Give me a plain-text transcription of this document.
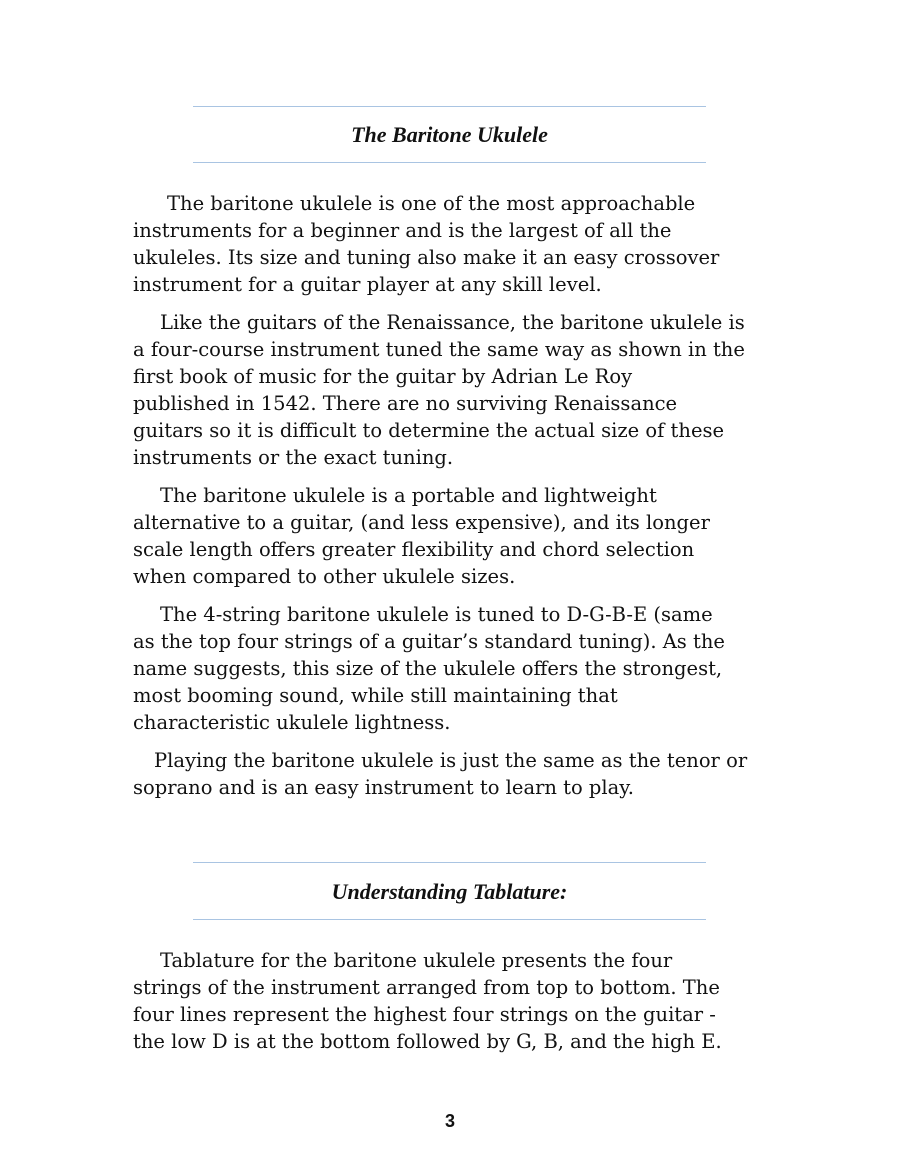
The Baritone Ukulele

The baritone ukulele is one of the most approachable
instruments for a beginner and is the largest of all the
ukuleles. Its size and tuning also make it an easy crossover
instrument for a guitar player at any skill level.

Like the guitars of the Renaissance, the baritone ukulele is
a four-course instrument tuned the same way as shown in the
first book of music for the guitar by Adrian Le Roy
published in 1542. There are no surviving Renaissance
guitars so it is difficult to determine the actual size of these
instruments or the exact tuning.

The baritone ukulele is a portable and lightweight
alternative to a guitar, (and less expensive), and its longer
scale length offers greater flexibility and chord selection
when compared to other ukulele sizes.

The 4-string baritone ukulele is tuned to D-G-B-E (same
as the top four strings of a guitar’s standard tuning). As the
name suggests, this size of the ukulele offers the strongest,
most booming sound, while still maintaining that
characteristic ukulele lightness.

Playing the baritone ukulele is just the same as the tenor or
soprano and is an easy instrument to learn to play.

Understanding Tablature:

Tablature for the baritone ukulele presents the four
strings of the instrument arranged from top to bottom. The
four lines represent the highest four strings on the guitar -
the low D is at the bottom followed by G, B, and the high E.

3
